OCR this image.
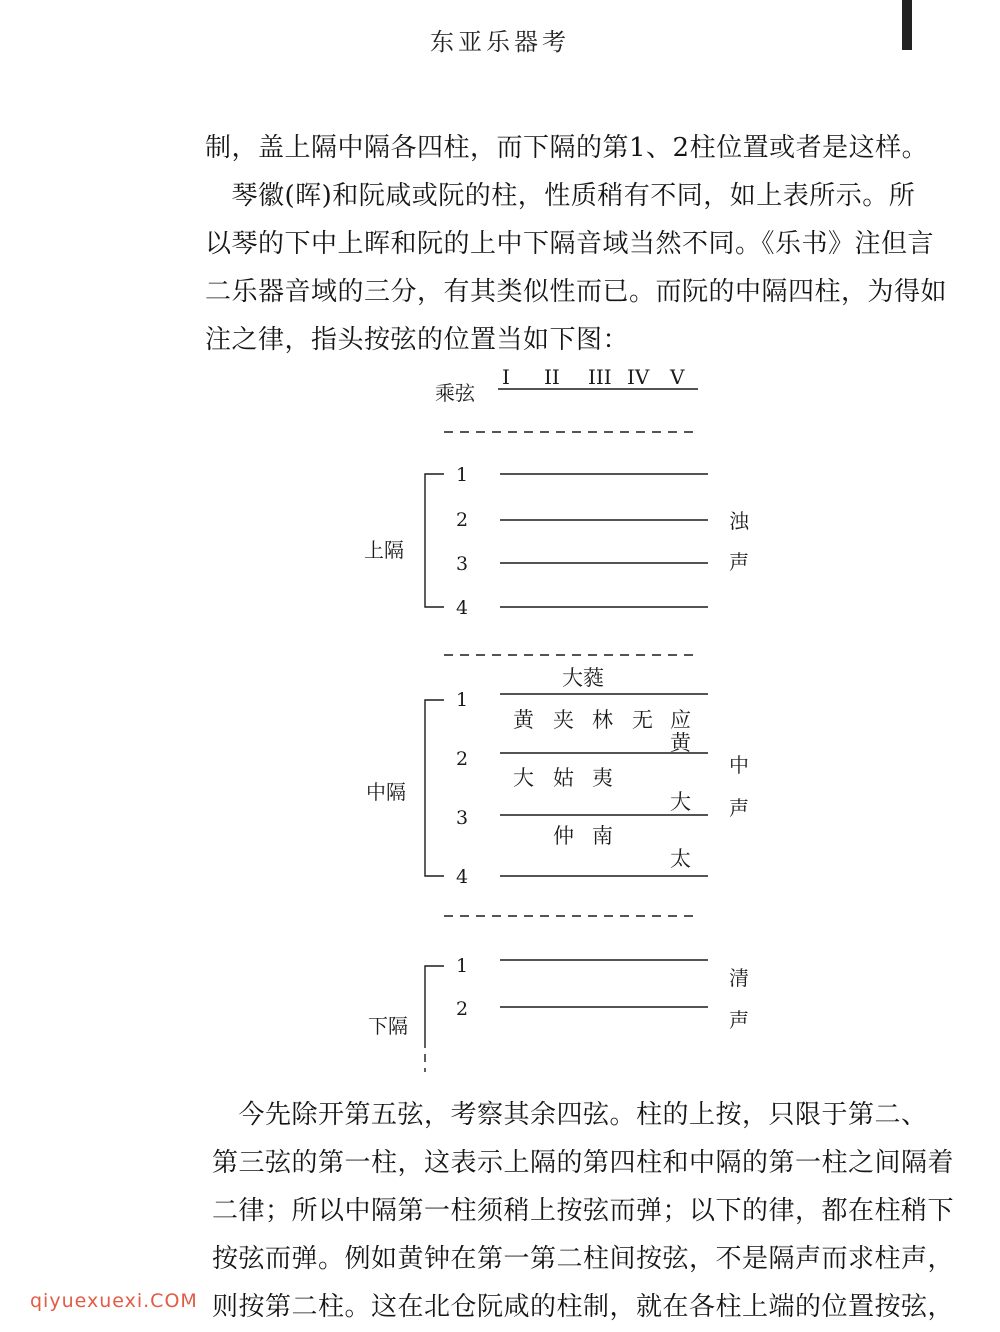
东亚乐器考
制，盖上隔中隔各四柱，而下隔的第1、2柱位置或者是这样。
　琴徽(晖)和阮咸或阮的柱，性质稍有不同，如上表所示。所
以琴的下中上晖和阮的上中下隔音域当然不同。《乐书》注但言
二乐器音域的三分，有其类似性而已。而阮的中隔四柱，为得如
注之律，指头按弦的位置当如下图：
乘弦
I II III IV V
上隔
1
2
3
4
浊
声
大蕤
中隔
1
2
3
4
黄 夹 林 无 应
黄
大 姑 夷
大
仲 南
太
中
声
下隔
1
2
清
声
　今先除开第五弦，考察其余四弦。柱的上按，只限于第二、
第三弦的第一柱，这表示上隔的第四柱和中隔的第一柱之间隔着
二律；所以中隔第一柱须稍上按弦而弹；以下的律，都在柱稍下
按弦而弹。例如黄钟在第一第二柱间按弦，不是隔声而求柱声，
则按第二柱。这在北仓阮咸的柱制，就在各柱上端的位置按弦，
qiyuexuexi.COM
